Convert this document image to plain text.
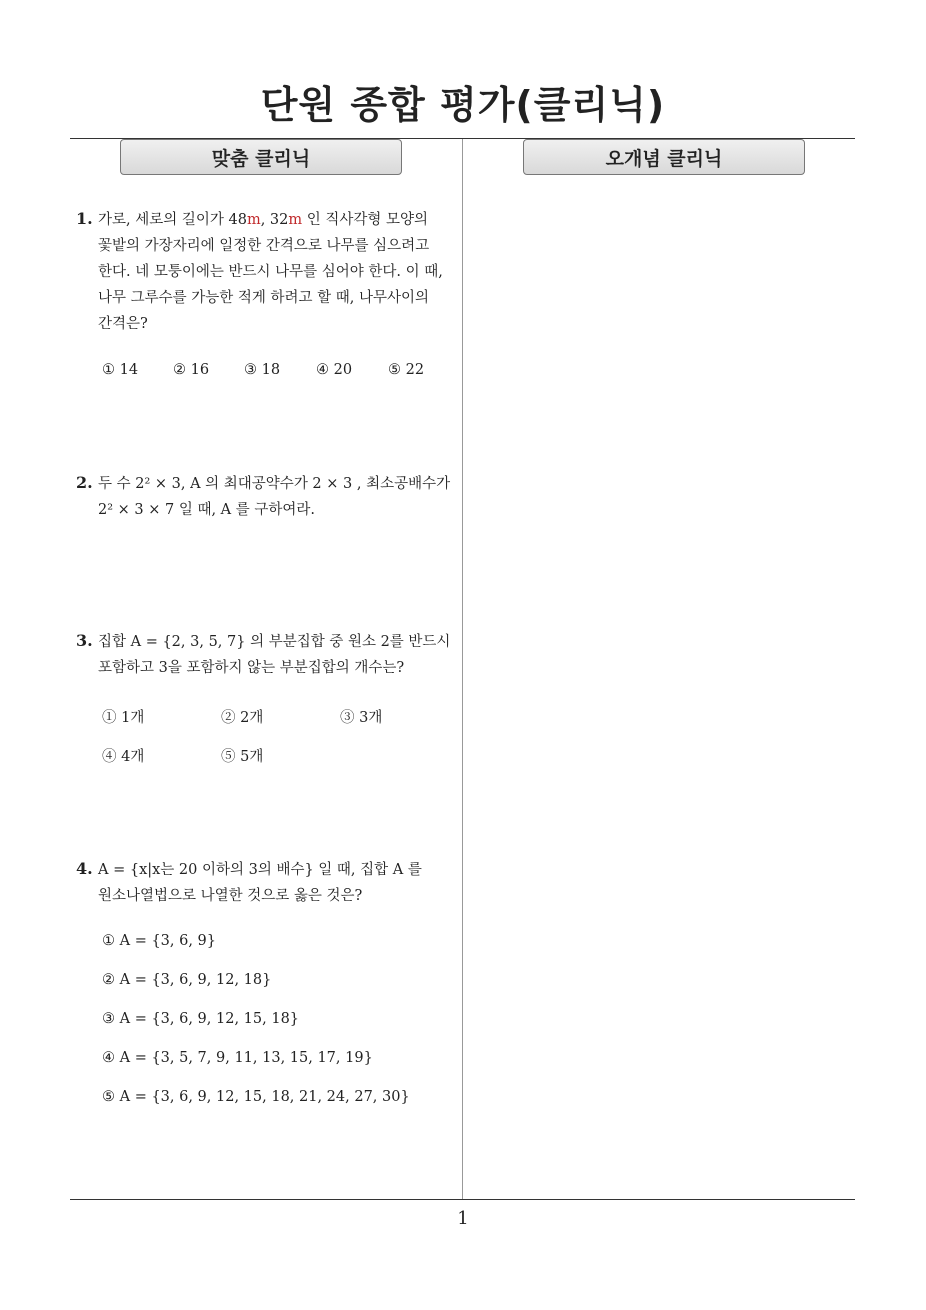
단원 종합 평가(클리닉)
맞춤 클리닉	오개념 클리닉
1. 가로, 세로의 길이가 48m, 32m 인 직사각형 모양의
꽃밭의 가장자리에 일정한 간격으로 나무를 심으려고
한다. 네 모퉁이에는 반드시 나무를 심어야 한다. 이 때,
나무 그루수를 가능한 적게 하려고 할 때, 나무사이의
간격은?
① 14 ② 16 ③ 18 ④ 20 ⑤ 22
2. 두 수 2² × 3, A 의 최대공약수가 2 × 3 , 최소공배수가
2² × 3 × 7 일 때, A 를 구하여라.
3. 집합 A = {2, 3, 5, 7} 의 부분집합 중 원소 2를 반드시
포함하고 3을 포함하지 않는 부분집합의 개수는?
① 1개	② 2개	③ 3개
④ 4개	⑤ 5개
4. A = {x|x는 20 이하의 3의 배수} 일 때, 집합 A 를
원소나열법으로 나열한 것으로 옳은 것은?
① A = {3, 6, 9}
② A = {3, 6, 9, 12, 18}
③ A = {3, 6, 9, 12, 15, 18}
④ A = {3, 5, 7, 9, 11, 13, 15, 17, 19}
⑤ A = {3, 6, 9, 12, 15, 18, 21, 24, 27, 30}
1
